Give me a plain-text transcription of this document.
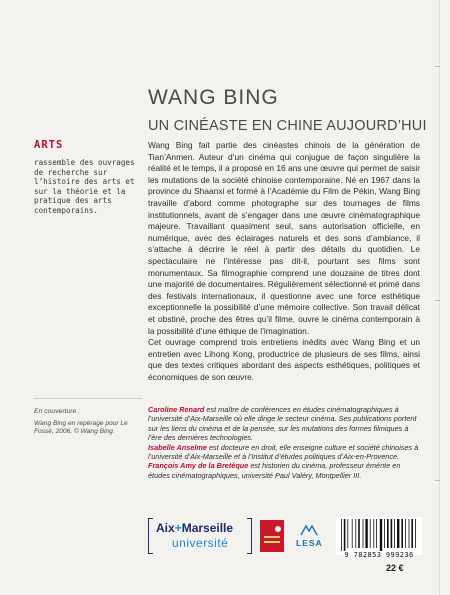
WANG BING
UN CINÉASTE EN CHINE AUJOURD’HUI
ARTS
rassemble des ouvrages de recherche sur l’histoire des arts et sur la théorie et la pratique des arts contemporains.

Wang Bing fait partie des cinéastes chinois de la génération de Tian’Anmen. Auteur d’un cinéma qui conjugue de façon singulière la réalité et le temps, il a proposé en 16 ans une œuvre qui permet de saisir les mutations de la société chinoise contemporaine. Né en 1967 dans la province du Shaanxi et formé à l’Académie du Film de Pékin, Wang Bing travaille d’abord comme photographe sur des tournages de films institutionnels, avant de s’engager dans une œuvre cinématographique majeure. Travaillant quasiment seul, sans autorisation officielle, en numérique, avec des éclairages naturels et des sons d’ambiance, il s’attache à décrire le réel à partir des détails du quotidien. Le spectaculaire ne l’intéresse pas dit-il, pourtant ses films sont monumentaux. Sa filmographie comprend une douzaine de titres dont une majorité de documentaires. Régulièrement sélectionné et primé dans des festivals internationaux, il questionne avec une force esthétique exceptionnelle la possibilité d’une mémoire collective. Son travail délicat et obstiné, proche des êtres qu’il filme, ouvre le cinéma contemporain à la possibilité d’une éthique de l’imagination.

Cet ouvrage comprend trois entretiens inédits avec Wang Bing et un entretien avec Lihong Kong, productrice de plusieurs de ses films, ainsi que des textes critiques abordant des aspects esthétiques, politiques et économiques de son œuvre.

En couverture :
Wang Bing en repérage pour Le Fossé, 2006, © Wang Bing.

Caroline Renard est maître de conférences en études cinématographiques à l’université d’Aix-Marseille où elle dirige le secteur cinéma. Ses publications portent sur les liens du cinéma et de la pensée, sur les mutations des formes filmiques à l’ère des dernières technologies.

Isabelle Anselme est docteure en droit, elle enseigne culture et société chinoises à l’université d’Aix-Marseille et à l’Institut d’études politiques d’Aix-en-Provence.

François Amy de la Bretèque est historien du cinéma, professeur émérite en études cinématographiques, université Paul Valéry, Montpellier III.

Aix+Marseille
université	LESA
9 782853 999236
22 €
